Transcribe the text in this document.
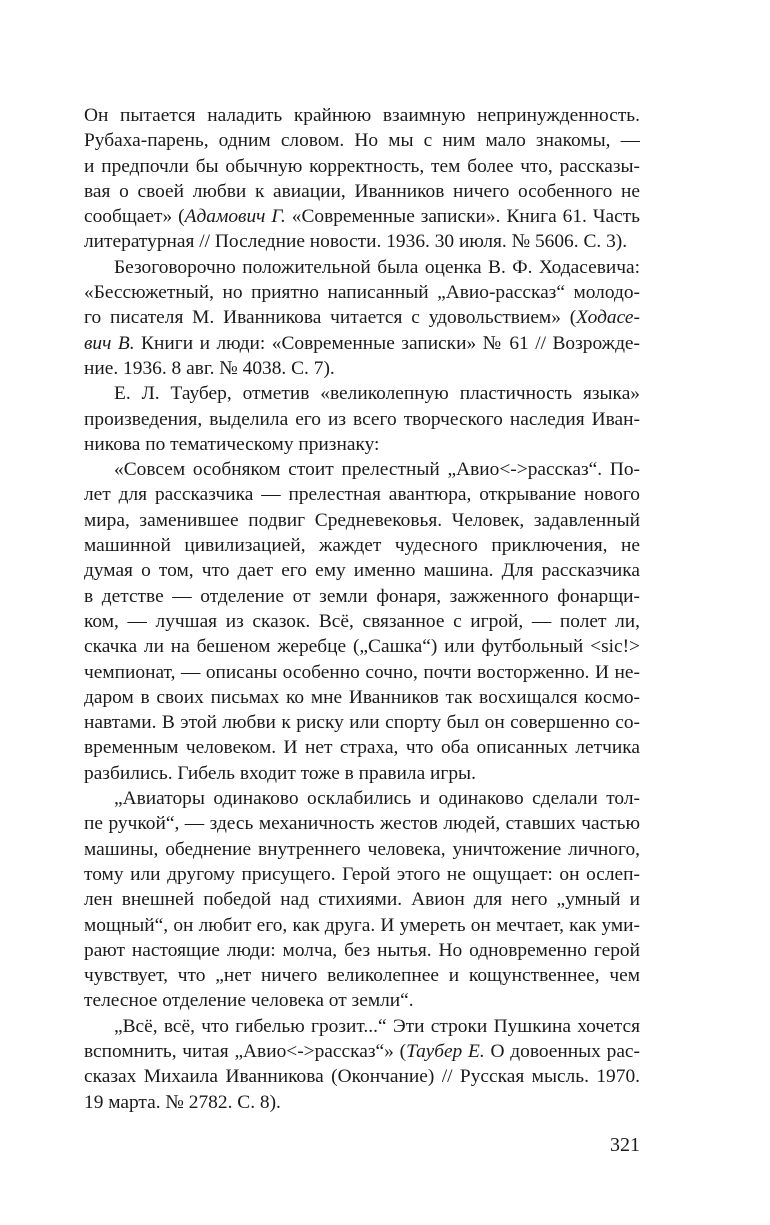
Он пытается наладить крайнюю взаимную непринужденность.
Рубаха-парень, одним словом. Но мы с ним мало знакомы, —
и предпочли бы обычную корректность, тем более что, рассказы-
вая о своей любви к авиации, Иванников ничего особенного не
сообщает» (Адамович Г. «Современные записки». Книга 61. Часть
литературная // Последние новости. 1936. 30 июля. № 5606. С. 3).
Безоговорочно положительной была оценка В. Ф. Ходасевича:
«Бессюжетный, но приятно написанный „Авио-рассказ“ молодо-
го писателя М. Иванникова читается с удовольствием» (Ходасе-
вич В. Книги и люди: «Современные записки» № 61 // Возрожде-
ние. 1936. 8 авг. № 4038. С. 7).
Е. Л. Таубер, отметив «великолепную пластичность языка»
произведения, выделила его из всего творческого наследия Иван-
никова по тематическому признаку:
«Совсем особняком стоит прелестный „Авио<->рассказ“. По-
лет для рассказчика — прелестная авантюра, открывание нового
мира, заменившее подвиг Средневековья. Человек, задавленный
машинной цивилизацией, жаждет чудесного приключения, не
думая о том, что дает его ему именно машина. Для рассказчика
в детстве — отделение от земли фонаря, зажженного фонарщи-
ком, — лучшая из сказок. Всё, связанное с игрой, — полет ли,
скачка ли на бешеном жеребце („Сашка“) или футбольный <sic!>
чемпионат, — описаны особенно сочно, почти восторженно. И не-
даром в своих письмах ко мне Иванников так восхищался космо-
навтами. В этой любви к риску или спорту был он совершенно со-
временным человеком. И нет страха, что оба описанных летчика
разбились. Гибель входит тоже в правила игры.
„Авиаторы одинаково осклабились и одинаково сделали тол-
пе ручкой“, — здесь механичность жестов людей, ставших частью
машины, обеднение внутреннего человека, уничтожение личного,
тому или другому присущего. Герой этого не ощущает: он ослеп-
лен внешней победой над стихиями. Авион для него „умный и
мощный“, он любит его, как друга. И умереть он мечтает, как уми-
рают настоящие люди: молча, без нытья. Но одновременно герой
чувствует, что „нет ничего великолепнее и кощунственнее, чем
телесное отделение человека от земли“.
„Всё, всё, что гибелью грозит...“ Эти строки Пушкина хочется
вспомнить, читая „Авио<->рассказ“» (Таубер Е. О довоенных рас-
сказах Михаила Иванникова (Окончание) // Русская мысль. 1970.
19 марта. № 2782. С. 8).
321
